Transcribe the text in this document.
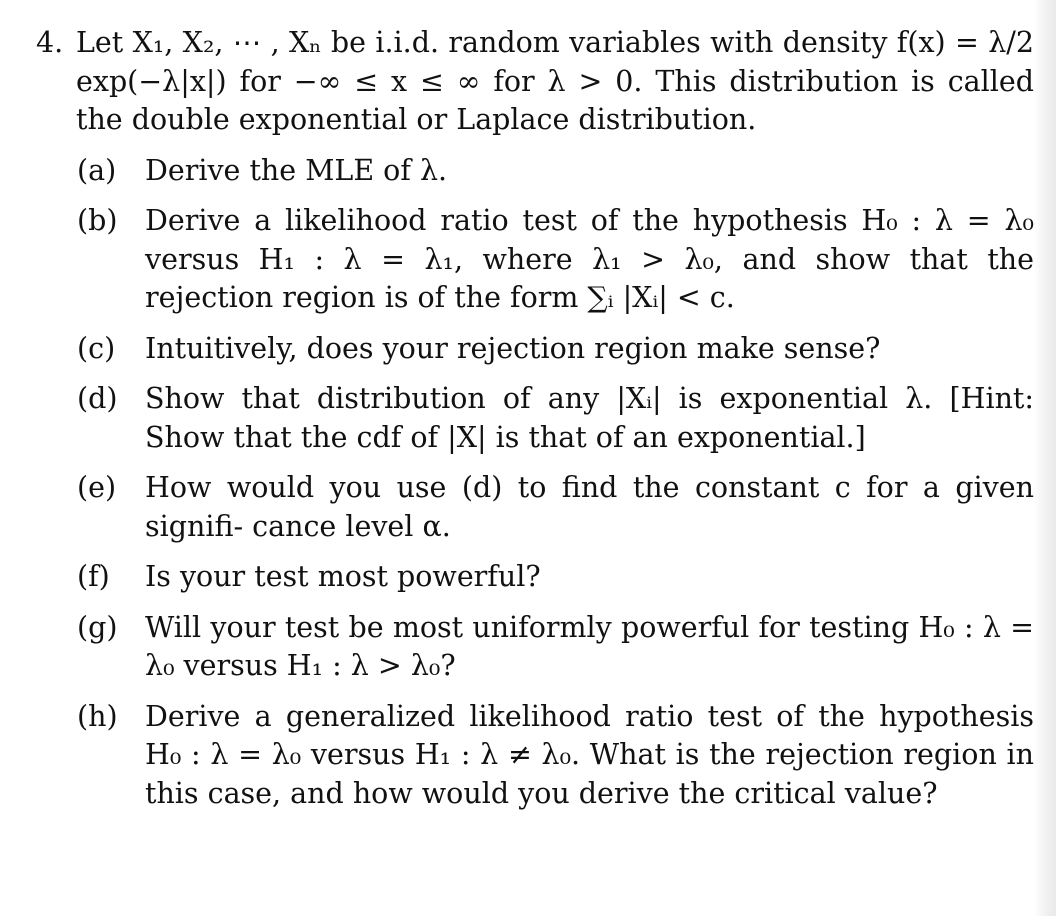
4. Let X₁, X₂, ⋯ , Xₙ be i.i.d. random variables with density f(x) = λ/2 exp(−λ|x|) for −∞ ≤ x ≤ ∞ for λ > 0. This distribution is called the double exponential or Laplace distribution.
(a)	Derive the MLE of λ.
(b) Derive a likelihood ratio test of the hypothesis H₀ : λ = λ₀ versus H₁ : λ = λ₁, where λ₁ > λ₀, and show that the rejection region is of the form ∑ᵢ |Xᵢ| < c.
(c)	Intuitively, does your rejection region make sense?
(d) Show that distribution of any |Xᵢ| is exponential λ. [Hint: Show that the cdf of |X| is that of an exponential.]
(e)	How would you use (d) to find the constant c for a given signifi- cance level α.
(f)	Is your test most powerful?
(g) Will your test be most uniformly powerful for testing H₀ : λ = λ₀ versus H₁ : λ > λ₀?
(h) Derive a generalized likelihood ratio test of the hypothesis H₀ : λ = λ₀ versus H₁ : λ ≠ λ₀. What is the rejection region in this case, and how would you derive the critical value?
